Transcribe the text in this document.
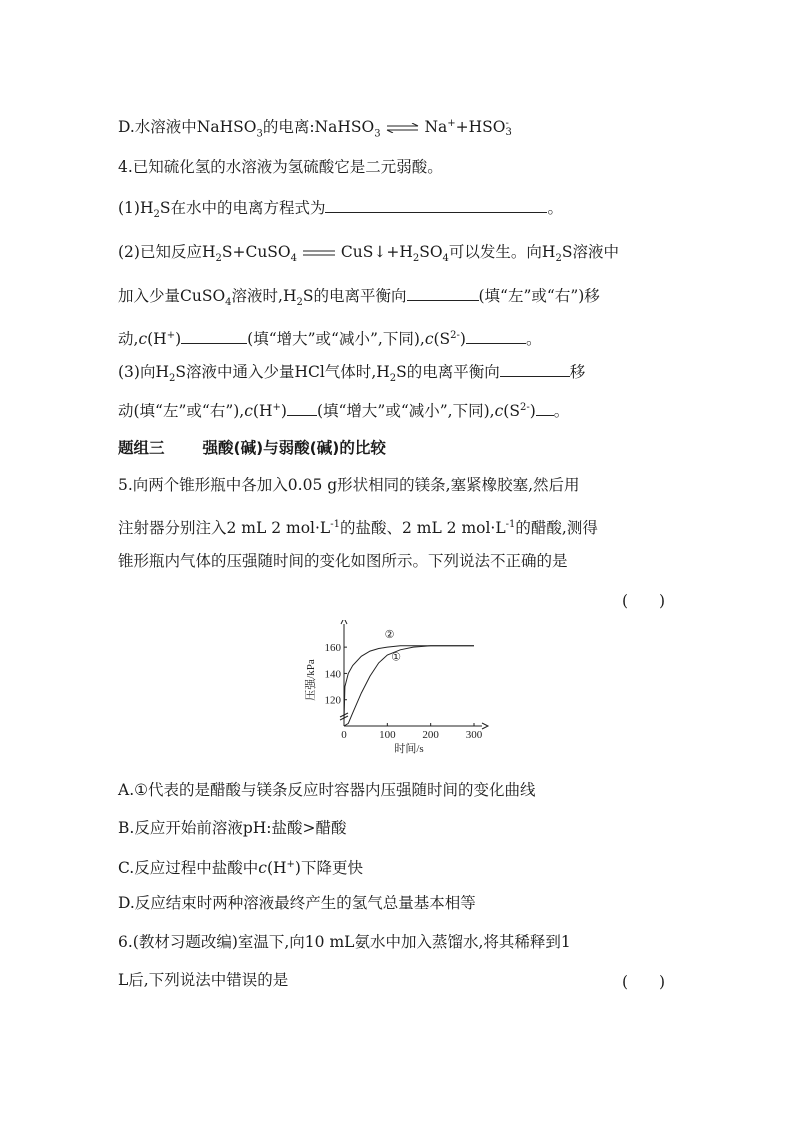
D.水溶液中NaHSO$_3$的电离:NaHSO$_3$ ⇌ Na++HSO -
3
4.已知硫化氢的水溶液为氢硫酸它是二元弱酸。
$(1)H_2S$在水中的电离方程式为	。
(2)已知反应$H_2S+CuSO_4$	$CuS↓+H_2SO_4$可以发生。向$H_2S$溶液中
加入少量CuSO$_4$溶液时$,H_2S$的电离平衡向	(填“左”或“右”)移
动,c(H+)	(填“增大”或“减小”,下同)$,c(S^{2-})$	。
(3)向$H_2S$溶液中通入少量HCl气体时$,H_2S$的电离平衡向	移
动(填“左”或“右”),c(H+) (填“增大”或“减小”,下同)$,c(S^{2-})$ 。
题组三 强酸(碱)与弱酸(碱)的比较
5.向两个锥形瓶中各加入0.05 g形状相同的镁条,塞紧橡胶塞,然后用
注射器分别注入2 mL 2 $mol\cdot L^{-1}$的盐酸、2 mL 2 $mol\cdot L^{-1}$的醋酸,测得
锥形瓶内气体的压强随时间的变化如图所示。下列说法不正确的是
(　　)
0	100 200 300
120
140
160
时间/s
压强/kPa
①
②
A.①代表的是醋酸与镁条反应时容器内压强随时间的变化曲线
B.反应开始前溶液pH:盐酸>醋酸
C.反应过程中盐酸中c(H+)下降更快
D.反应结束时两种溶液最终产生的氢气总量基本相等
6.(教材习题改编)室温下,向10 mL氨水中加入蒸馏水,将其稀释到1
L后,下列说法中错误的是	(　　)
